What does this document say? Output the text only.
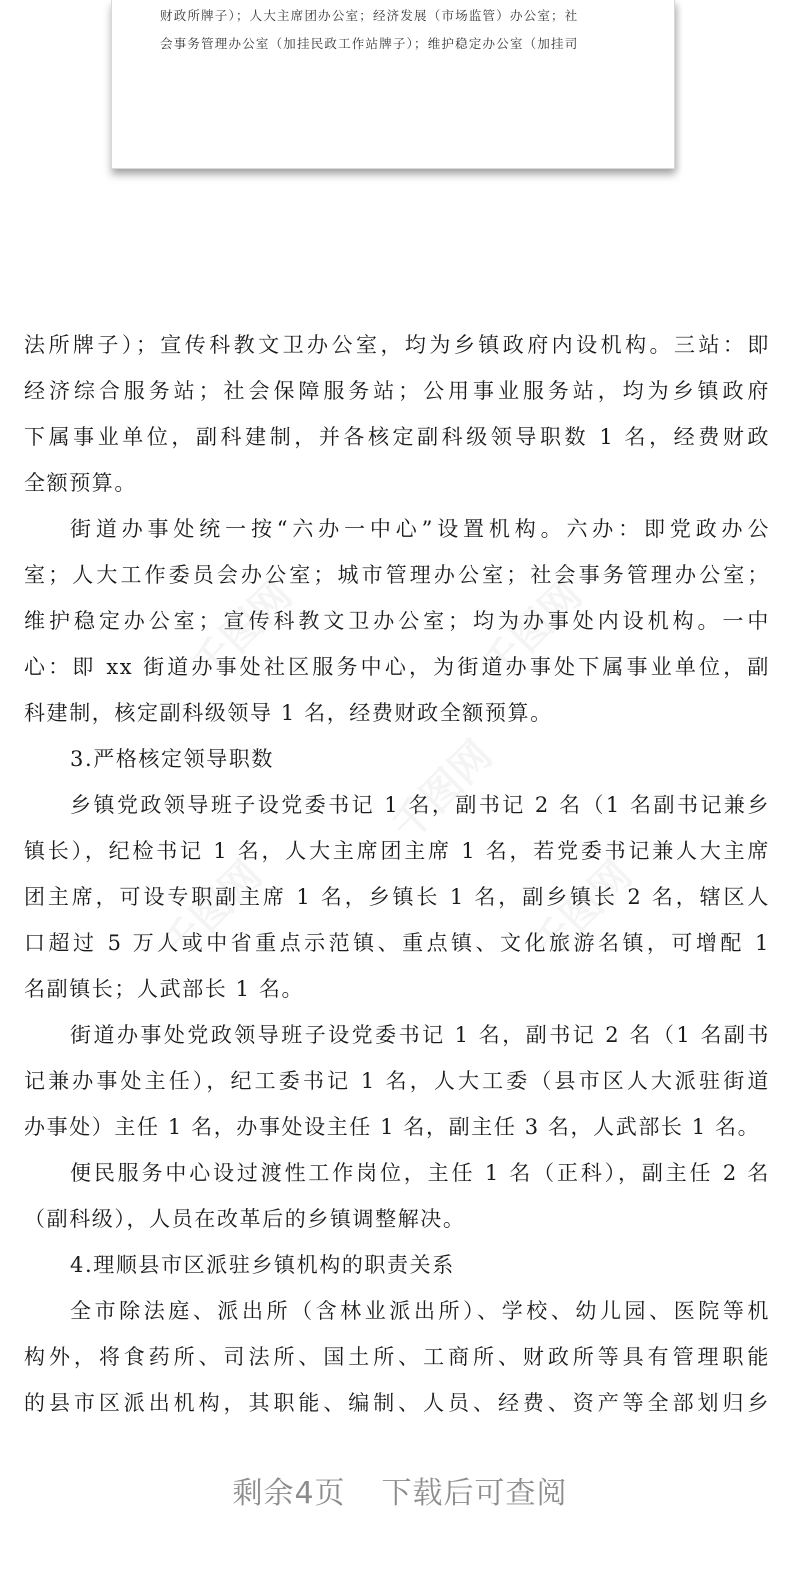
财政所牌子）；人大主席团办公室；经济发展（市场监管）办公室；社
会事务管理办公室（加挂民政工作站牌子）；维护稳定办公室（加挂司
千图网	千图网
千图网
千图网	千图网
法所牌子）；宣传科教文卫办公室，均为乡镇政府内设机构。三站：即
经济综合服务站；社会保障服务站；公用事业服务站，均为乡镇政府
下属事业单位，副科建制，并各核定副科级领导职数 1 名，经费财政
全额预算。
街道办事处统一按“六办一中心”设置机构。六办：即党政办公
室；人大工作委员会办公室；城市管理办公室；社会事务管理办公室；
维护稳定办公室；宣传科教文卫办公室；均为办事处内设机构。一中
心：即 xx 街道办事处社区服务中心，为街道办事处下属事业单位，副
科建制，核定副科级领导 1 名，经费财政全额预算。
3.严格核定领导职数
乡镇党政领导班子设党委书记 1 名，副书记 2 名（1 名副书记兼乡
镇长），纪检书记 1 名，人大主席团主席 1 名，若党委书记兼人大主席
团主席，可设专职副主席 1 名，乡镇长 1 名，副乡镇长 2 名，辖区人
口超过 5 万人或中省重点示范镇、重点镇、文化旅游名镇，可增配 1
名副镇长；人武部长 1 名。
街道办事处党政领导班子设党委书记 1 名，副书记 2 名（1 名副书
记兼办事处主任），纪工委书记 1 名，人大工委（县市区人大派驻街道
办事处）主任 1 名，办事处设主任 1 名，副主任 3 名，人武部长 1 名。
便民服务中心设过渡性工作岗位，主任 1 名（正科），副主任 2 名
（副科级），人员在改革后的乡镇调整解决。
4.理顺县市区派驻乡镇机构的职责关系
全市除法庭、派出所（含林业派出所）、学校、幼儿园、医院等机
构外，将食药所、司法所、国土所、工商所、财政所等具有管理职能
的县市区派出机构，其职能、编制、人员、经费、资产等全部划归乡
剩余4页 下载后可查阅
